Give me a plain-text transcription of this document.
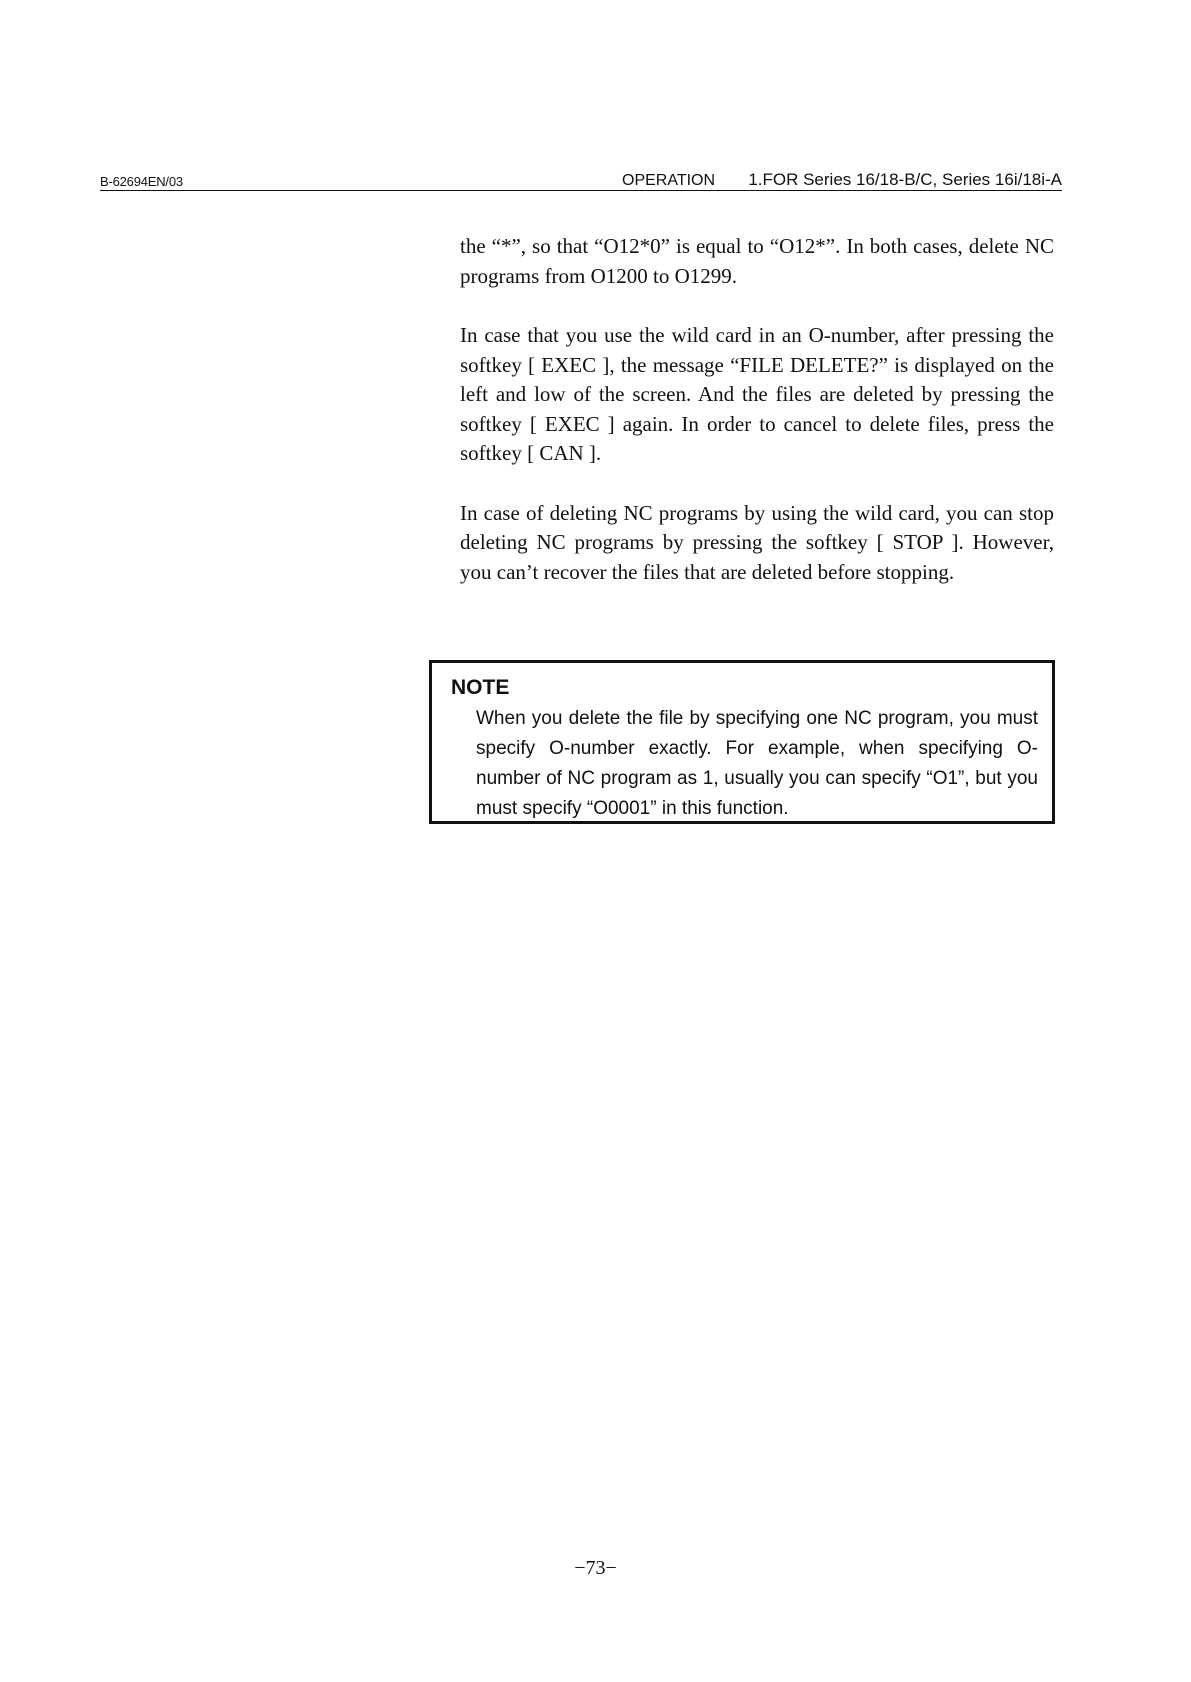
B-62694EN/03	OPERATION 1.FOR Series 16/18-B/C, Series 16i/18i-A

the “*”, so that “O12*0” is equal to “O12*”. In both cases, delete NC programs from O1200 to O1299.

In case that you use the wild card in an O-number, after pressing the softkey [ EXEC ], the message “FILE DELETE?” is displayed on the left and low of the screen. And the files are deleted by pressing the softkey [ EXEC ] again. In order to cancel to delete files, press the softkey [ CAN ].

In case of deleting NC programs by using the wild card, you can stop deleting NC programs by pressing the softkey [ STOP ]. However, you can’t recover the files that are deleted before stopping.

NOTE
When you delete the file by specifying one NC program, you must specify O-number exactly. For example, when specifying O-number of NC program as 1, usually you can specify “O1”, but you must specify “O0001” in this function.
−73−
